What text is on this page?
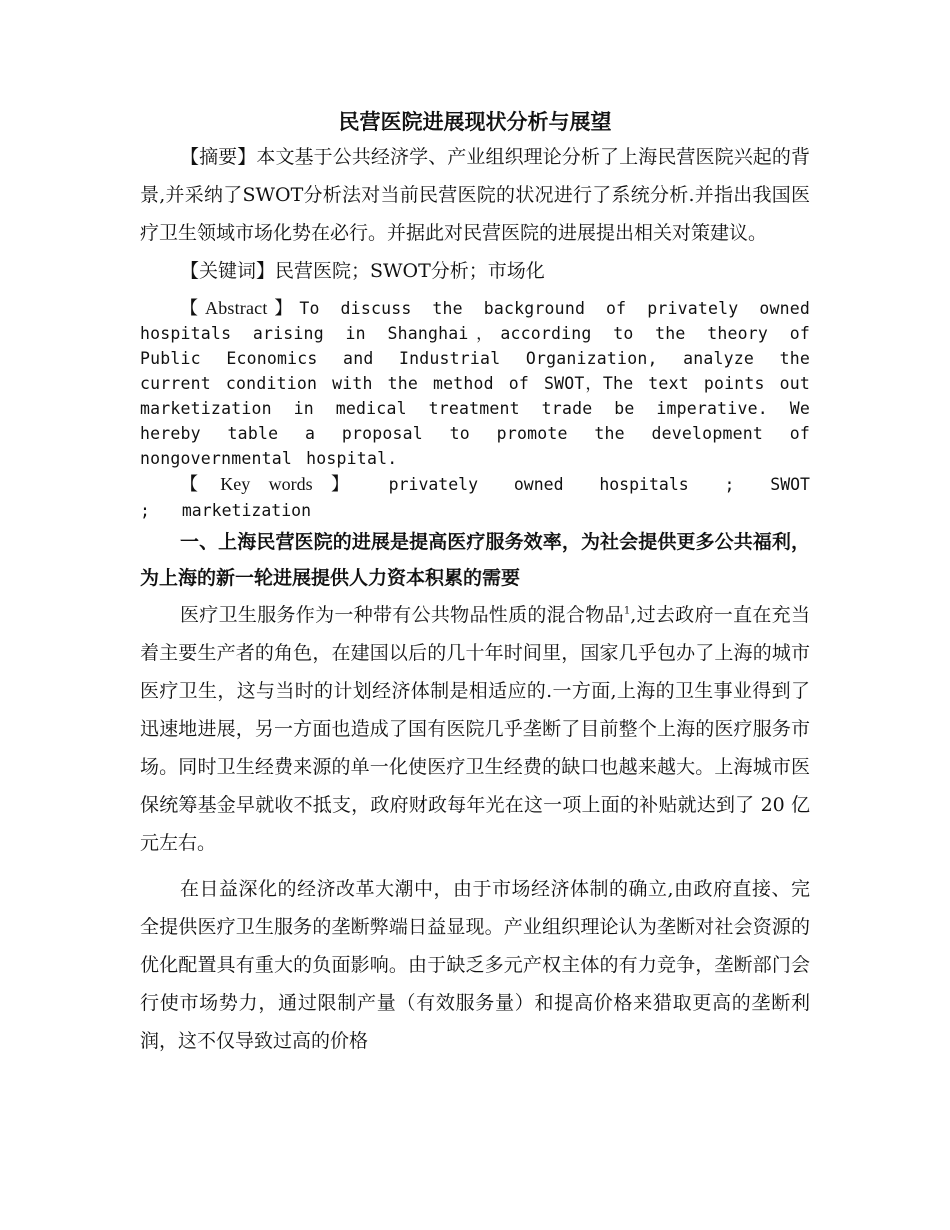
民营医院进展现状分析与展望

【摘要】本文基于公共经济学、产业组织理论分析了上海民营医院兴起的背景,并采纳了SWOT分析法对当前民营医院的状况进行了系统分析.并指出我国医疗卫生领域市场化势在必行。并据此对民营医院的进展提出相关对策建议。

【关键词】民营医院；SWOT分析；市场化

【Abstract】To discuss the background of privately owned hospitals arising in Shanghai，according to the theory of Public Economics and Industrial Organization, analyze the current condition with the method of SWOT，The text points out marketization in medical treatment trade be imperative. We hereby table a proposal to promote the development of nongovernmental hospital.

【 Key words 】 privately owned hospitals ; SWOT ; marketization

一、上海民营医院的进展是提高医疗服务效率，为社会提供更多公共福利，为上海的新一轮进展提供人力资本积累的需要

医疗卫生服务作为一种带有公共物品性质的混合物品$^1$,过去政府一直在充当着主要生产者的角色，在建国以后的几十年时间里，国家几乎包办了上海的城市医疗卫生，这与当时的计划经济体制是相适应的.一方面,上海的卫生事业得到了迅速地进展，另一方面也造成了国有医院几乎垄断了目前整个上海的医疗服务市场。同时卫生经费来源的单一化使医疗卫生经费的缺口也越来越大。上海城市医保统筹基金早就收不抵支，政府财政每年光在这一项上面的补贴就达到了 20 亿元左右。

在日益深化的经济改革大潮中，由于市场经济体制的确立,由政府直接、完全提供医疗卫生服务的垄断弊端日益显现。产业组织理论认为垄断对社会资源的优化配置具有重大的负面影响。由于缺乏多元产权主体的有力竞争，垄断部门会行使市场势力，通过限制产量（有效服务量）和提高价格来猎取更高的垄断利润，这不仅导致过高的价格
